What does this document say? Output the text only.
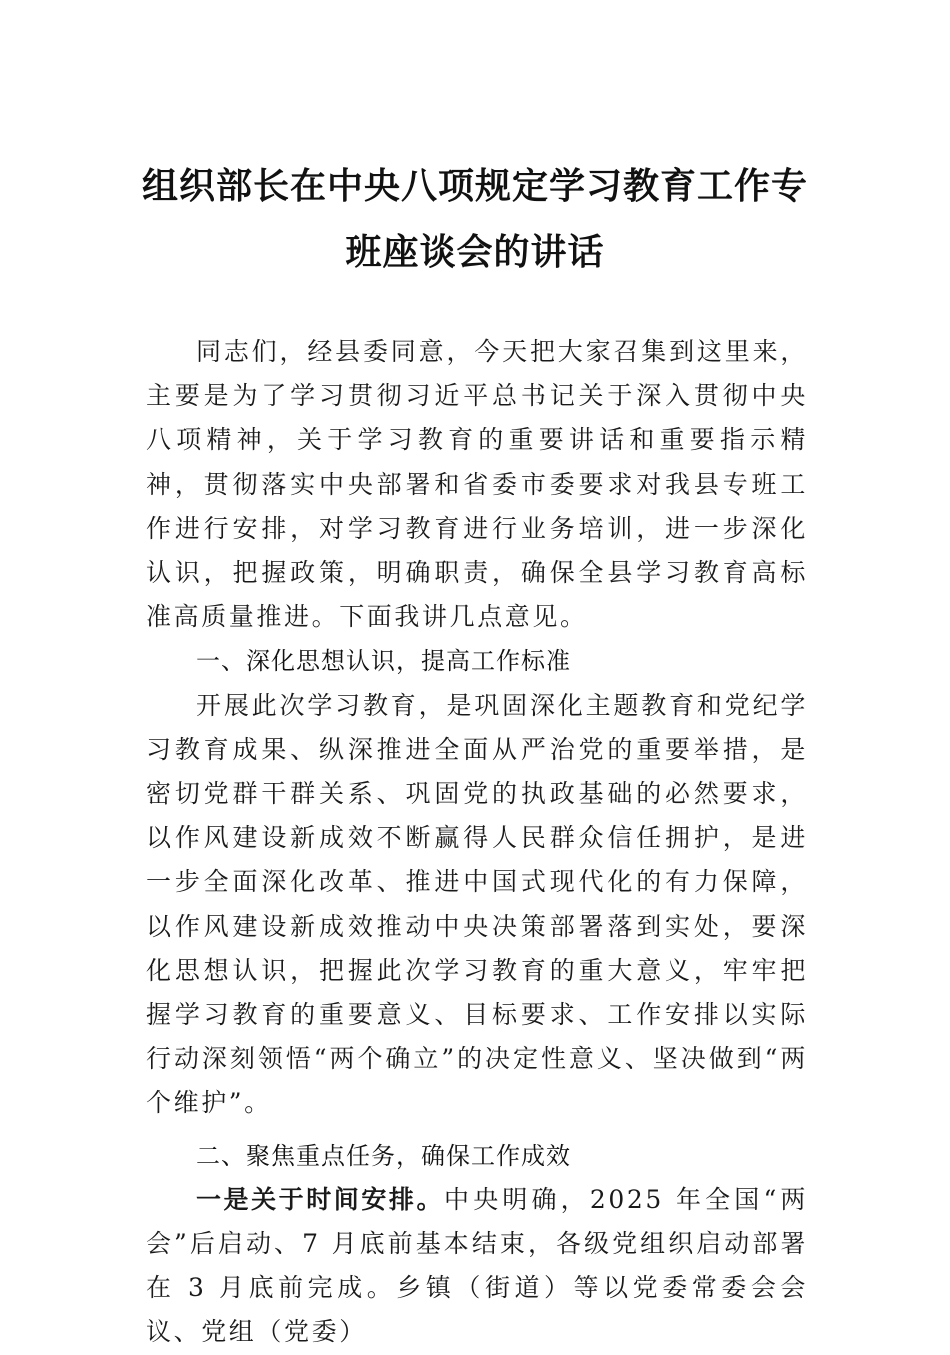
组织部长在中央八项规定学习教育工作专
班座谈会的讲话

同志们，经县委同意，今天把大家召集到这里来，主要是为了学习贯彻习近平总书记关于深入贯彻中央八项精神，关于学习教育的重要讲话和重要指示精神，贯彻落实中央部署和省委市委要求对我县专班工作进行安排，对学习教育进行业务培训，进一步深化认识，把握政策，明确职责，确保全县学习教育高标准高质量推进。下面我讲几点意见。

一、深化思想认识，提高工作标准

开展此次学习教育，是巩固深化主题教育和党纪学习教育成果、纵深推进全面从严治党的重要举措，是密切党群干群关系、巩固党的执政基础的必然要求，以作风建设新成效不断赢得人民群众信任拥护，是进一步全面深化改革、推进中国式现代化的有力保障，以作风建设新成效推动中央决策部署落到实处，要深化思想认识，把握此次学习教育的重大意义，牢牢把握学习教育的重要意义、目标要求、工作安排以实际行动深刻领悟“两个确立”的决定性意义、坚决做到“两个维护”。

二、聚焦重点任务，确保工作成效

一是关于时间安排。中央明确，2025 年全国“两会”后启动、7 月底前基本结束，各级党组织启动部署在 3 月底前完成。乡镇（街道）等以党委常委会会议、党组（党委）
